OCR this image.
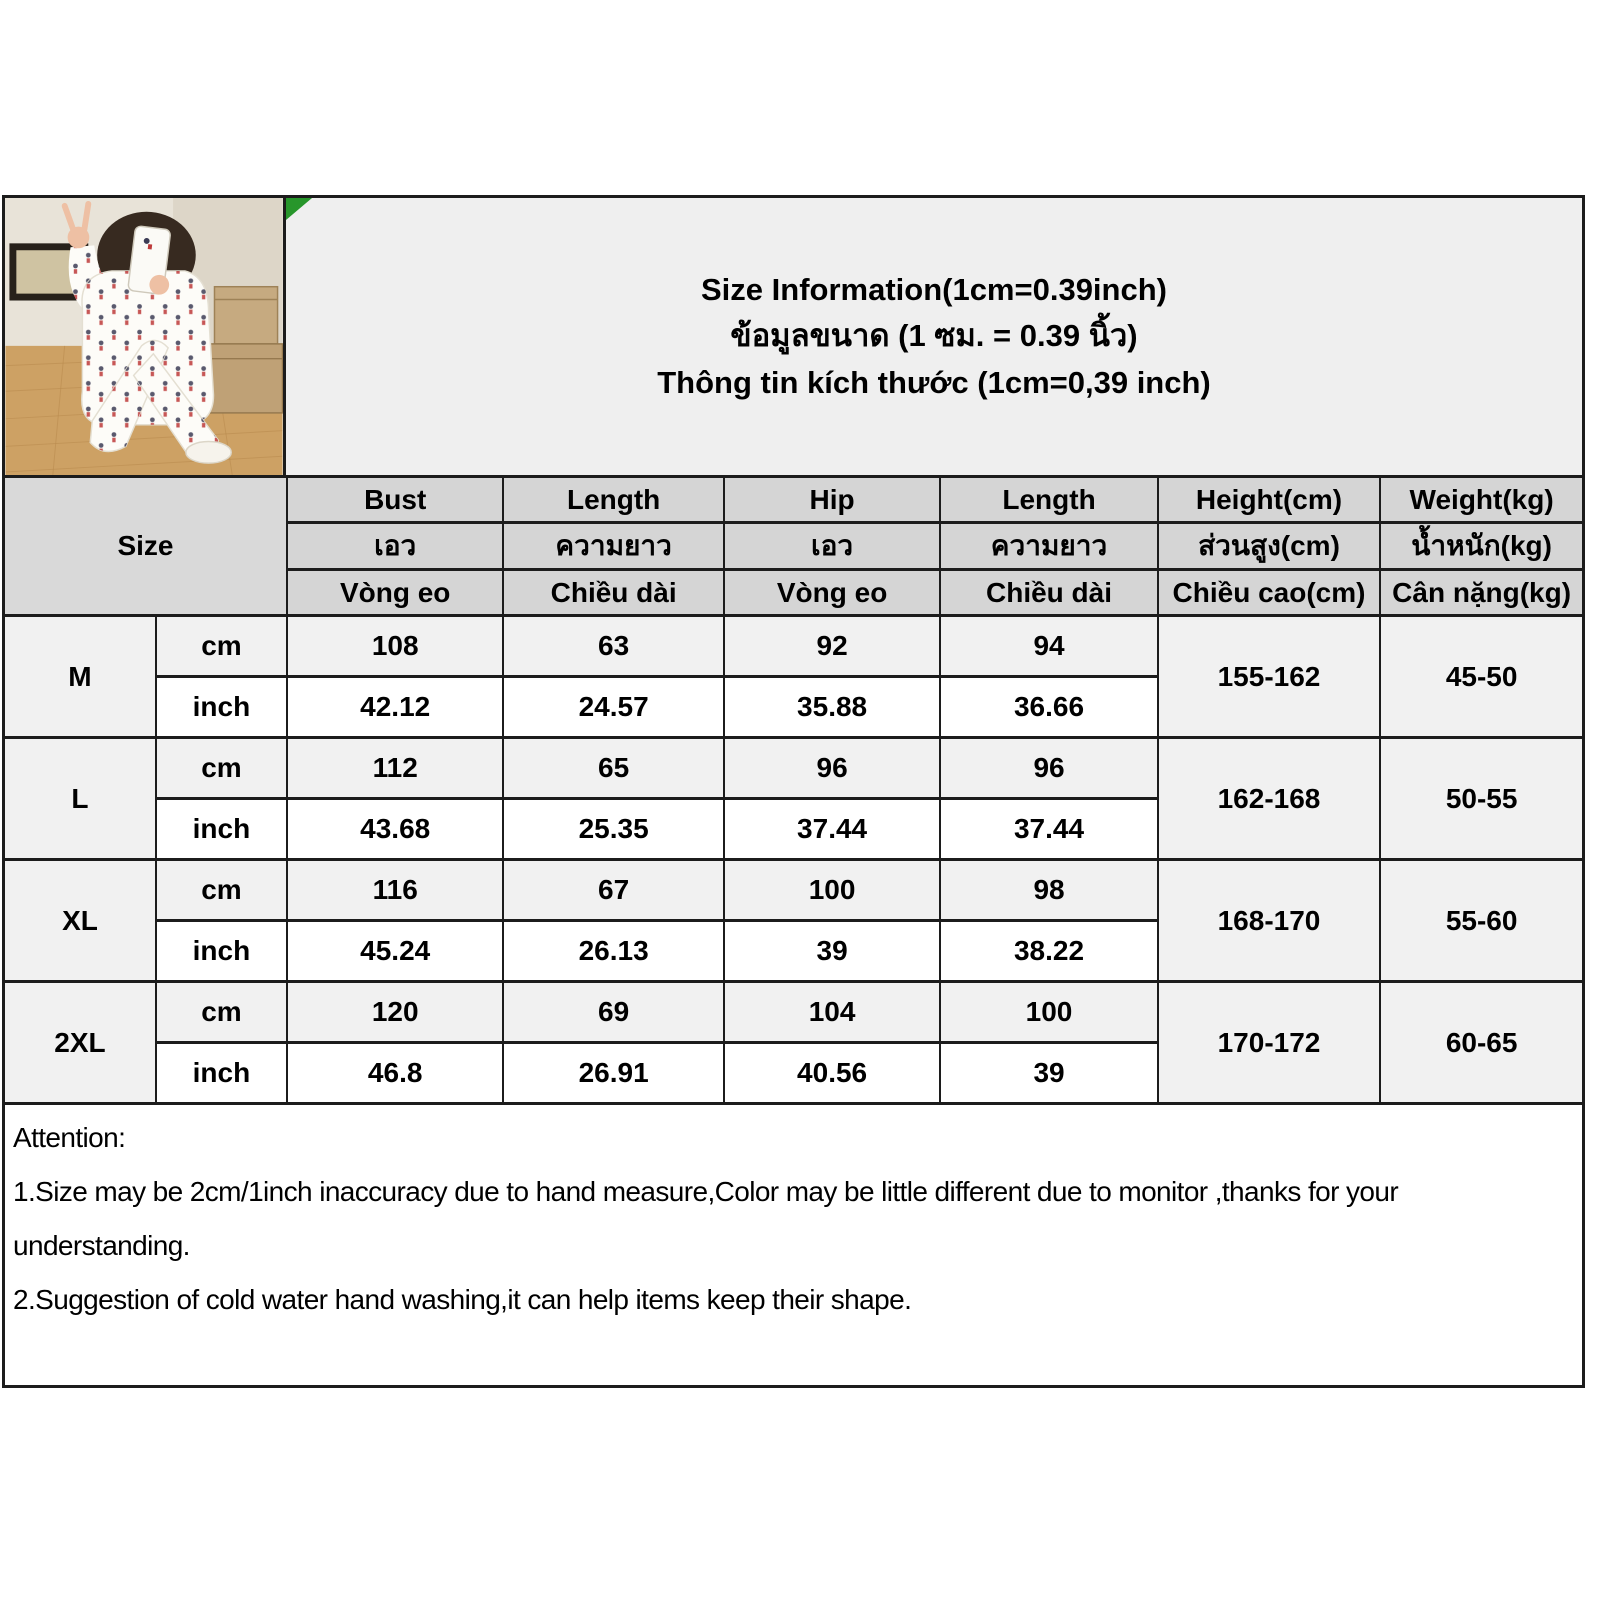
Size Information(1cm=0.39inch)
ข้อมูลขนาด (1 ซม. = 0.39 นิ้ว)
Thông tin kích thước (1cm=0,39 inch)
Size		Bust	Length	Hip	Length	Height(cm)	Weight(kg)
		เอว	ความยาว	เอว	ความยาว	ส่วนสูง(cm)	น้ำหนัก(kg)
		Vòng eo	Chiều dài	Vòng eo	Chiều dài	Chiều cao(cm)	Cân nặng(kg)
M	cm	108	63	92	94	155-162	45-50
	inch	42.12	24.57	35.88	36.66		
L	cm	112	65	96	96	162-168	50-55
	inch	43.68	25.35	37.44	37.44		
XL	cm	116	67	100	98	168-170	55-60
	inch	45.24	26.13	39	38.22		
2XL	cm	120	69	104	100	170-172	60-65
	inch	46.8	26.91	40.56	39		
Attention:
1.Size may be 2cm/1inch inaccuracy due to hand measure,Color may be little different due to monitor ,thanks for your understanding.
2.Suggestion of cold water hand washing,it can help items keep their shape.
